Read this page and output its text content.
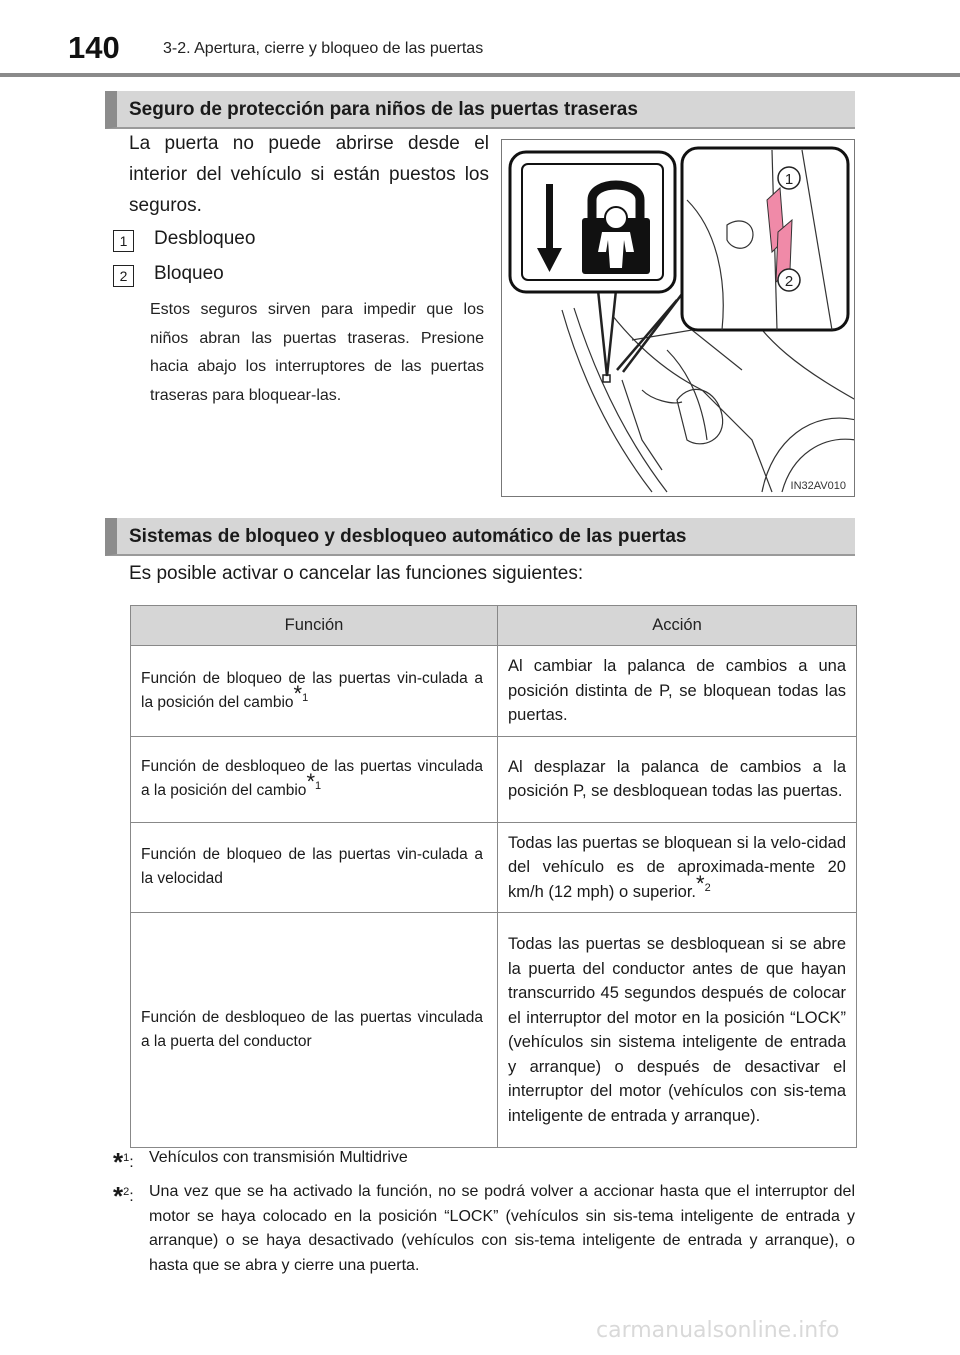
140	3-2. Apertura, cierre y bloqueo de las puertas
Seguro de protección para niños de las puertas traseras
La puerta no puede abrirse desde el interior del vehículo si están puestos los seguros.
1	Desbloqueo
2	Bloqueo
Estos seguros sirven para impedir que los niños abran las puertas traseras. Presione hacia abajo los interruptores de las puertas traseras para bloquear-las.
1
2
IN32AV010
Sistemas de bloqueo y desbloqueo automático de las puertas
Es posible activar o cancelar las funciones siguientes:
Función	Acción
Función de bloqueo de las puertas vin-culada a la posición del cambio$^{*1}$	Al cambiar la palanca de cambios a una posición distinta de P, se bloquean todas las puertas.
Función de desbloqueo de las puertas vinculada a la posición del cambio$^{*1}$	Al desplazar la palanca de cambios a la posición P, se desbloquean todas las puertas.
Función de bloqueo de las puertas vin-culada a la velocidad	Todas las puertas se bloquean si la velo-cidad del vehículo es de aproximada-mente 20 km/h (12 mph) o superior.$^{*2}$
Función de desbloqueo de las puertas vinculada a la puerta del conductor	Todas las puertas se desbloquean si se abre la puerta del conductor antes de que hayan transcurrido 45 segundos después de colocar el interruptor del motor en la posición “LOCK” (vehículos sin sistema inteligente de entrada y arranque) o después de desactivar el interruptor del motor (vehículos con sis-tema inteligente de entrada y arranque).
*$^1$: Vehículos con transmisión Multidrive
*$^2$: Una vez que se ha activado la función, no se podrá volver a accionar hasta que el interruptor del motor se haya colocado en la posición “LOCK” (vehículos sin sis-tema inteligente de entrada y arranque) o se haya desactivado (vehículos con sis-tema inteligente de entrada y arranque), o hasta que se abra y cierre una puerta.
carmanualsonline.info
